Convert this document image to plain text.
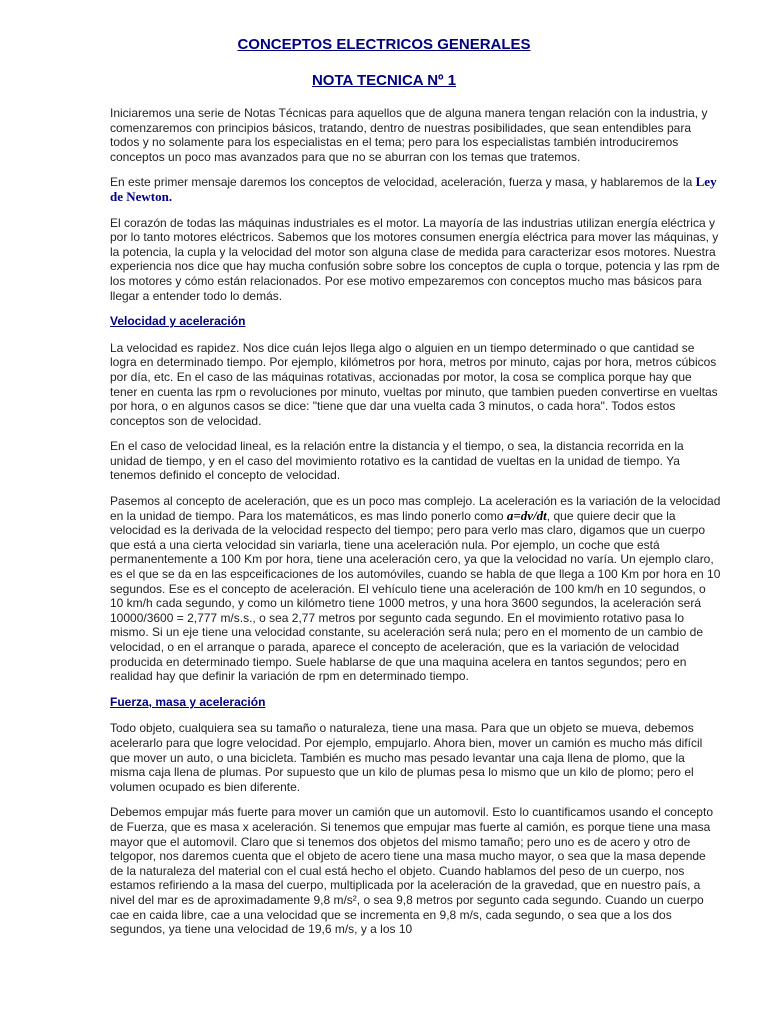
CONCEPTOS ELECTRICOS GENERALES
NOTA TECNICA Nº 1

Iniciaremos una serie de Notas Técnicas para aquellos que de alguna manera tengan relación con la industria, y comenzaremos con principios básicos, tratando, dentro de nuestras posibilidades, que sean entendibles para todos y no solamente para los especialistas en el tema; pero para los especialistas también introduciremos conceptos un poco mas avanzados para que no se aburran con los temas que tratemos.

En este primer mensaje daremos los conceptos de velocidad, aceleración, fuerza y masa, y hablaremos de la Ley de Newton.

El corazón de todas las máquinas industriales es el motor. La mayoría de las industrias utilizan energía eléctrica y por lo tanto motores eléctricos. Sabemos que los motores consumen energía eléctrica para mover las máquinas, y la potencia, la cupla y la velocidad del motor son alguna clase de medida para caracterizar esos motores. Nuestra experiencia nos dice que hay mucha confusión sobre sobre los conceptos de cupla o torque, potencia y las rpm de los motores y cómo están relacionados. Por ese motivo empezaremos con conceptos mucho mas básicos para llegar a entender todo lo demás.

Velocidad y aceleración

La velocidad es rapidez. Nos dice cuán lejos llega algo o alguien en un tiempo determinado o que cantidad se logra en determinado tiempo. Por ejemplo, kilómetros por hora, metros por minuto, cajas por hora, metros cúbicos por día, etc. En el caso de las máquinas rotativas, accionadas por motor, la cosa se complica porque hay que tener en cuenta las rpm o revoluciones por minuto, vueltas por minuto, que tambien pueden convertirse en vueltas por hora, o en algunos casos se dice: "tiene que dar una vuelta cada 3 minutos, o cada hora". Todos estos conceptos son de velocidad.

En el caso de velocidad lineal, es la relación entre la distancia y el tiempo, o sea, la distancia recorrida en la unidad de tiempo, y en el caso del movimiento rotativo es la cantidad de vueltas en la unidad de tiempo. Ya tenemos definido el concepto de velocidad.

Pasemos al concepto de aceleración, que es un poco mas complejo. La aceleración es la variación de la velocidad en la unidad de tiempo. Para los matemáticos, es mas lindo ponerlo como a=dv/dt, que quiere decir que la velocidad es la derivada de la velocidad respecto del tiempo; pero para verlo mas claro, digamos que un cuerpo que está a una cierta velocidad sin variarla, tiene una aceleración nula. Por ejemplo, un coche que está permanentemente a 100 Km por hora, tiene una aceleración cero, ya que la velocidad no varía. Un ejemplo claro, es el que se da en las espceificaciones de los automóviles, cuando se habla de que llega a 100 Km por hora en 10 segundos. Ese es el concepto de aceleración. El vehículo tiene una aceleración de 100 km/h en 10 segundos, o 10 km/h cada segundo, y como un kilómetro tiene 1000 metros, y una hora 3600 segundos, la aceleración será 10000/3600 = 2,777 m/s.s., o sea 2,77 metros por segunto cada segundo. En el movimiento rotativo pasa lo mismo. Si un eje tiene una velocidad constante, su aceleración será nula; pero en el momento de un cambio de velocidad, o en el arranque o parada, aparece el concepto de aceleración, que es la variación de velocidad producida en determinado tiempo. Suele hablarse de que una maquina acelera en tantos segundos; pero en realidad hay que definir la variación de rpm en determinado tiempo.

Fuerza, masa y aceleración

Todo objeto, cualquiera sea su tamaño o naturaleza, tiene una masa. Para que un objeto se mueva, debemos acelerarlo para que logre velocidad. Por ejemplo, empujarlo. Ahora bien, mover un camión es mucho más difícil que mover un auto, o una bicicleta. También es mucho mas pesado levantar una caja llena de plomo, que la misma caja llena de plumas. Por supuesto que un kilo de plumas pesa lo mismo que un kilo de plomo; pero el volumen ocupado es bien diferente.

Debemos empujar más fuerte para mover un camión que un automovil. Esto lo cuantificamos usando el concepto de Fuerza, que es masa x aceleración. Si tenemos que empujar mas fuerte al camión, es porque tiene una masa mayor que el automovil. Claro que si tenemos dos objetos del mismo tamaño; pero uno es de acero y otro de telgopor, nos daremos cuenta que el objeto de acero tiene una masa mucho mayor, o sea que la masa depende de la naturaleza del material con el cual está hecho el objeto. Cuando hablamos del peso de un cuerpo, nos estamos refiriendo a la masa del cuerpo, multiplicada por la aceleración de la gravedad, que en nuestro país, a nivel del mar es de aproximadamente 9,8 m/s², o sea 9,8 metros por segunto cada segundo. Cuando un cuerpo cae en caida libre, cae a una velocidad que se incrementa en 9,8 m/s, cada segundo, o sea que a los dos segundos, ya tiene una velocidad de 19,6 m/s, y a los 10
